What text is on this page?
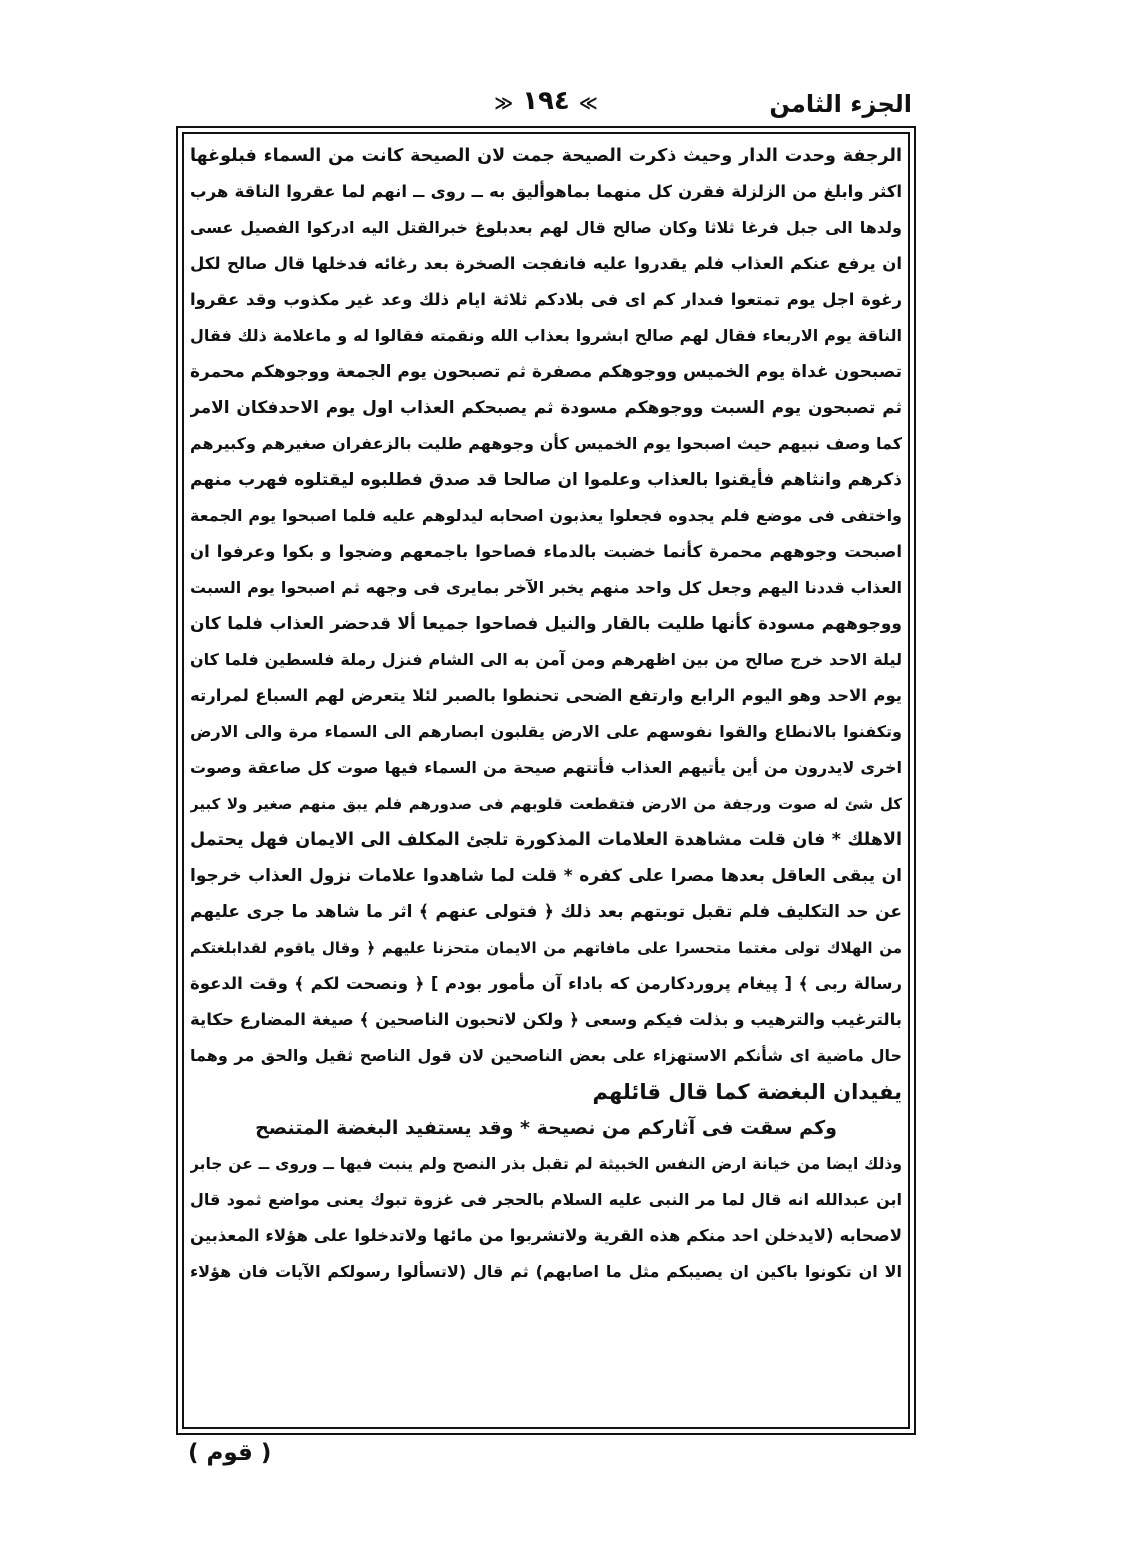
الجزء الثامن
≫ ١٩٤ ≪
الرجفة وحدت الدار وحيث ذكرت الصيحة جمت لان الصيحة كانت من السماء فبلوغها
اكثر وابلغ من الزلزلة فقرن كل منهما بماهوأليق به ــ روى ــ انهم لما عقروا الناقة هرب
ولدها الى جبل فرغا ثلاثا وكان صالح قال لهم بعدبلوغ خبرالقتل اليه ادركوا الفصيل عسى
ان يرفع عنكم العذاب فلم يقدروا عليه فانفجت الصخرة بعد رغائه فدخلها قال صالح لكل
رغوة اجل يوم تمتعوا فىدار كم اى فى بلادكم ثلاثة ايام ذلك وعد غير مكذوب وقد عقروا
الناقة يوم الاربعاء فقال لهم صالح ابشروا بعذاب الله ونقمته فقالوا له و ماعلامة ذلك فقال
تصبحون غداة يوم الخميس ووجوهكم مصفرة ثم تصبحون يوم الجمعة ووجوهكم محمرة
ثم تصبحون يوم السبت ووجوهكم مسودة ثم يصبحكم العذاب اول يوم الاحدفكان الامر
كما وصف نبيهم حيث اصبحوا يوم الخميس كأن وجوههم طليت بالزعفران صغيرهم وكبيرهم
ذكرهم وانثاهم فأيقنوا بالعذاب وعلموا ان صالحا قد صدق فطلبوه ليقتلوه فهرب منهم
واختفى فى موضع فلم يجدوه فجعلوا يعذبون اصحابه ليدلوهم عليه فلما اصبحوا يوم الجمعة
اصبحت وجوههم محمرة كأنما خضبت بالدماء فصاحوا باجمعهم وضجوا و بكوا وعرفوا ان
العذاب قددنا اليهم وجعل كل واحد منهم يخبر الآخر بمايرى فى وجهه ثم اصبحوا يوم السبت
ووجوههم مسودة كأنها طليت بالقار والنيل فصاحوا جميعا ألا قدحضر العذاب فلما كان
ليلة الاحد خرج صالح من بين اظهرهم ومن آمن به الى الشام فنزل رملة فلسطين فلما كان
يوم الاحد وهو اليوم الرابع وارتفع الضحى تحنطوا بالصبر لئلا يتعرض لهم السباع لمرارته
وتكفنوا بالانطاع والقوا نفوسهم على الارض يقلبون ابصارهم الى السماء مرة والى الارض
اخرى لايدرون من أين يأتيهم العذاب فأتتهم صيحة من السماء فيها صوت كل صاعقة وصوت
كل شئ له صوت ورجفة من الارض فتقطعت قلوبهم فى صدورهم فلم يبق منهم صغير ولا كبير
الاهلك * فان قلت مشاهدة العلامات المذكورة تلجئ المكلف الى الايمان فهل يحتمل
ان يبقى العاقل بعدها مصرا على كفره * قلت لما شاهدوا علامات نزول العذاب خرجوا
عن حد التكليف فلم تقبل توبتهم بعد ذلك ﴿ فتولى عنهم ﴾ اثر ما شاهد ما جرى عليهم
من الهلاك تولى مغتما متحسرا على مافاتهم من الايمان متحزنا عليهم ﴿ وقال ياقوم لقدابلغتكم
رسالة ربى ﴾ [ پيغام پروردكارمن كه باداء آن مأمور بودم ] ﴿ ونصحت لكم ﴾ وقت الدعوة
بالترغيب والترهيب و بذلت فيكم وسعى ﴿ ولكن لاتحبون الناصحين ﴾ صيغة المضارع حكاية
حال ماضية اى شأنكم الاستهزاء على بعض الناصحين لان قول الناصح ثقيل والحق مر وهما
يفيدان البغضة كما قال قائلهم
وكم سقت فى آثاركم من نصيحة * وقد يستفيد البغضة المتنصح
وذلك ايضا من خيانة ارض النفس الخبيثة لم تقبل بذر النصح ولم ينبت فيها ــ وروى ــ عن جابر
ابن عبدالله انه قال لما مر النبى عليه السلام بالحجر فى غزوة تبوك يعنى مواضع ثمود قال
لاصحابه (لايدخلن احد منكم هذه القرية ولاتشربوا من مائها ولاتدخلوا على هؤلاء المعذبين
الا ان تكونوا باكين ان يصيبكم مثل ما اصابهم) ثم قال (لاتسألوا رسولكم الآيات فان هؤلاء
( قوم )
